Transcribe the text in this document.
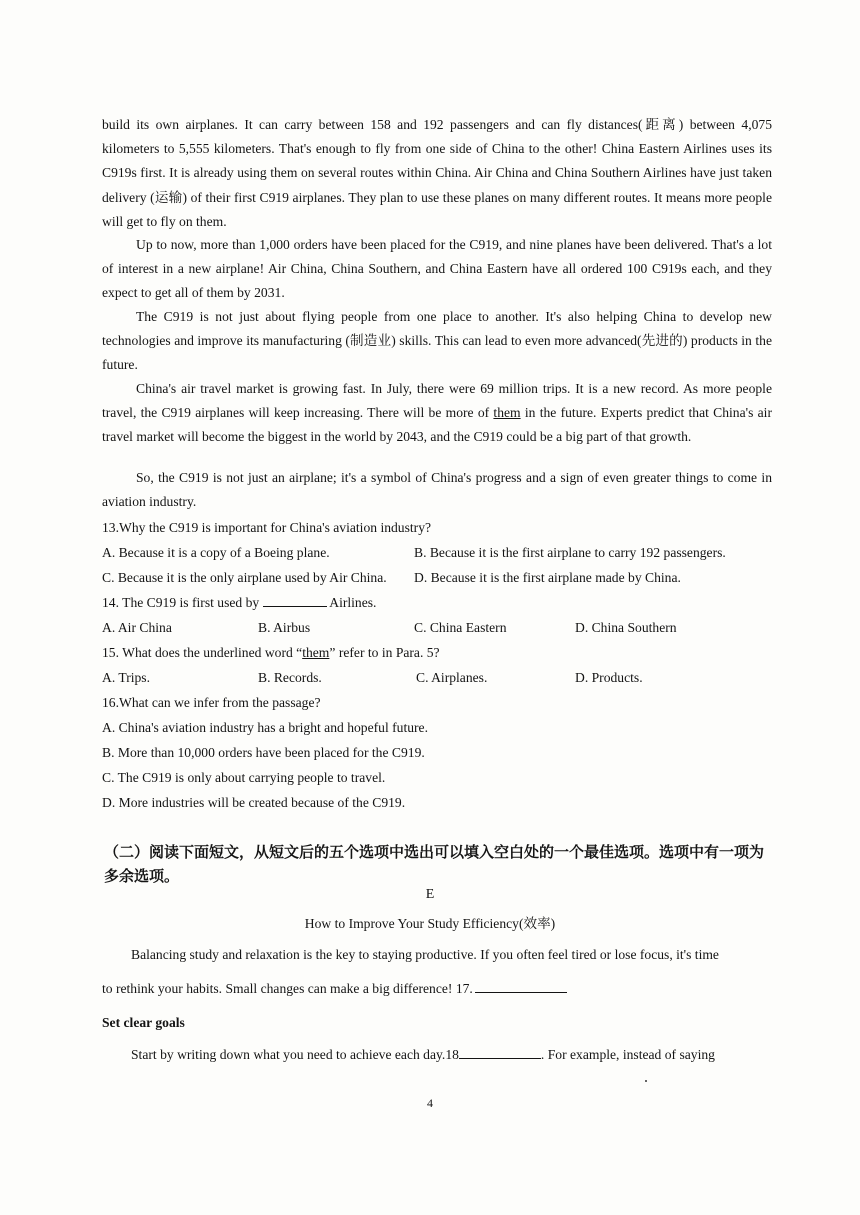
build its own airplanes. It can carry between 158 and 192 passengers and can fly distances(距离) between 4,075 kilometers to 5,555 kilometers. That's enough to fly from one side of China to the other! China Eastern Airlines uses its C919s first. It is already using them on several routes within China. Air China and China Southern Airlines have just taken delivery (运输) of their first C919 airplanes. They plan to use these planes on many different routes. It means more people will get to fly on them.

Up to now, more than 1,000 orders have been placed for the C919, and nine planes have been delivered. That's a lot of interest in a new airplane! Air China, China Southern, and China Eastern have all ordered 100 C919s each, and they expect to get all of them by 2031.

The C919 is not just about flying people from one place to another. It's also helping China to develop new technologies and improve its manufacturing (制造业) skills. This can lead to even more advanced(先进的) products in the future.

China's air travel market is growing fast. In July, there were 69 million trips. It is a new record. As more people travel, the C919 airplanes will keep increasing. There will be more of them in the future. Experts predict that China's air travel market will become the biggest in the world by 2043, and the C919 could be a big part of that growth.

So, the C919 is not just an airplane; it's a symbol of China's progress and a sign of even greater things to come in aviation industry.

13.Why the C919 is important for China's aviation industry?
A. Because it is a copy of a Boeing plane.	B. Because it is the first airplane to carry 192 passengers.
C. Because it is the only airplane used by Air China. D. Because it is the first airplane made by China.
14. The C919 is first used by	Airlines.
A. Air China	B. Airbus	C. China Eastern	D. China Southern
15. What does the underlined word “them” refer to in Para. 5?
A. Trips.	B. Records.	C. Airplanes.	D. Products.
16.What can we infer from the passage?
A. China's aviation industry has a bright and hopeful future.
B. More than 10,000 orders have been placed for the C919.
C. The C919 is only about carrying people to travel.
D. More industries will be created because of the C919.

（二）阅读下面短文，从短文后的五个选项中选出可以填入空白处的一个最佳选项。选项中有一项为多余选项。

E
How to Improve Your Study Efficiency(效率)
Balancing study and relaxation is the key to staying productive. If you often feel tired or lose focus, it's time
to rethink your habits. Small changes can make a big difference! 17.
Set clear goals
Start by writing down what you need to achieve each day.18	. For example, instead of saying
4
